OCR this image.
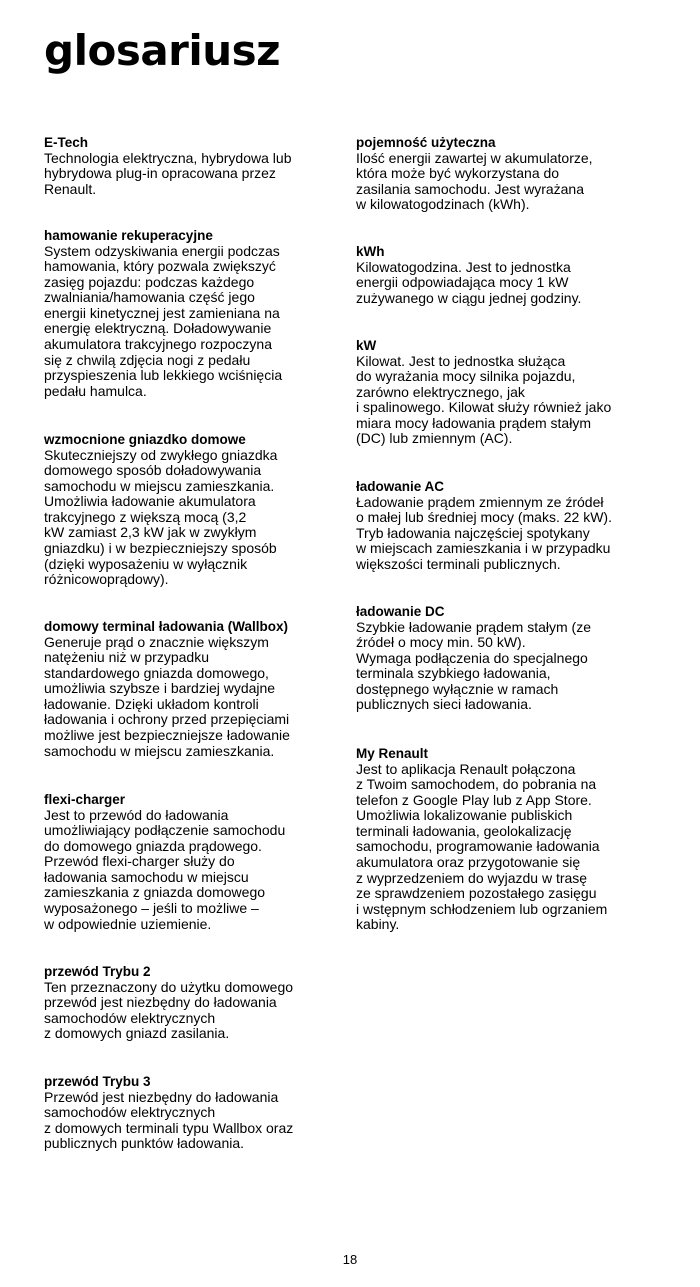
glosariusz

E-Tech

Technologia elektryczna, hybrydowa lub
hybrydowa plug-in opracowana przez
Renault.

hamowanie rekuperacyjne

System odzyskiwania energii podczas
hamowania, który pozwala zwiększyć
zasięg pojazdu: podczas każdego
zwalniania/hamowania część jego
energii kinetycznej jest zamieniana na
energię elektryczną. Doładowywanie
akumulatora trakcyjnego rozpoczyna
się z chwilą zdjęcia nogi z pedału
przyspieszenia lub lekkiego wciśnięcia
pedału hamulca.

wzmocnione gniazdko domowe

Skuteczniejszy od zwykłego gniazdka
domowego sposób doładowywania
samochodu w miejscu zamieszkania.
Umożliwia ładowanie akumulatora
trakcyjnego z większą mocą (3,2
kW zamiast 2,3 kW jak w zwykłym
gniazdku) i w bezpieczniejszy sposób
(dzięki wyposażeniu w wyłącznik
różnicowoprądowy).

domowy terminal ładowania (Wallbox)

Generuje prąd o znacznie większym
natężeniu niż w przypadku
standardowego gniazda domowego,
umożliwia szybsze i bardziej wydajne
ładowanie. Dzięki układom kontroli
ładowania i ochrony przed przepięciami
możliwe jest bezpieczniejsze ładowanie
samochodu w miejscu zamieszkania.

flexi-charger

Jest to przewód do ładowania
umożliwiający podłączenie samochodu
do domowego gniazda prądowego.
Przewód flexi-charger służy do
ładowania samochodu w miejscu
zamieszkania z gniazda domowego
wyposażonego – jeśli to możliwe –
w odpowiednie uziemienie.

przewód Trybu 2

Ten przeznaczony do użytku domowego
przewód jest niezbędny do ładowania
samochodów elektrycznych
z domowych gniazd zasilania.

przewód Trybu 3

Przewód jest niezbędny do ładowania
samochodów elektrycznych
z domowych terminali typu Wallbox oraz
publicznych punktów ładowania.

pojemność użyteczna

Ilość energii zawartej w akumulatorze,
która może być wykorzystana do
zasilania samochodu. Jest wyrażana
w kilowatogodzinach (kWh).

kWh

Kilowatogodzina. Jest to jednostka
energii odpowiadająca mocy 1 kW
zużywanego w ciągu jednej godziny.

kW

Kilowat. Jest to jednostka służąca
do wyrażania mocy silnika pojazdu,
zarówno elektrycznego, jak
i spalinowego. Kilowat służy również jako
miara mocy ładowania prądem stałym
(DC) lub zmiennym (AC).

ładowanie AC

Ładowanie prądem zmiennym ze źródeł
o małej lub średniej mocy (maks. 22 kW).
Tryb ładowania najczęściej spotykany
w miejscach zamieszkania i w przypadku
większości terminali publicznych.

ładowanie DC

Szybkie ładowanie prądem stałym (ze
źródeł o mocy min. 50 kW).
Wymaga podłączenia do specjalnego
terminala szybkiego ładowania,
dostępnego wyłącznie w ramach
publicznych sieci ładowania.

My Renault

Jest to aplikacja Renault połączona
z Twoim samochodem, do pobrania na
telefon z Google Play lub z App Store.
Umożliwia lokalizowanie publiskich
terminali ładowania, geolokalizację
samochodu, programowanie ładowania
akumulatora oraz przygotowanie się
z wyprzedzeniem do wyjazdu w trasę
ze sprawdzeniem pozostałego zasięgu
i wstępnym schłodzeniem lub ogrzaniem
kabiny.

18
